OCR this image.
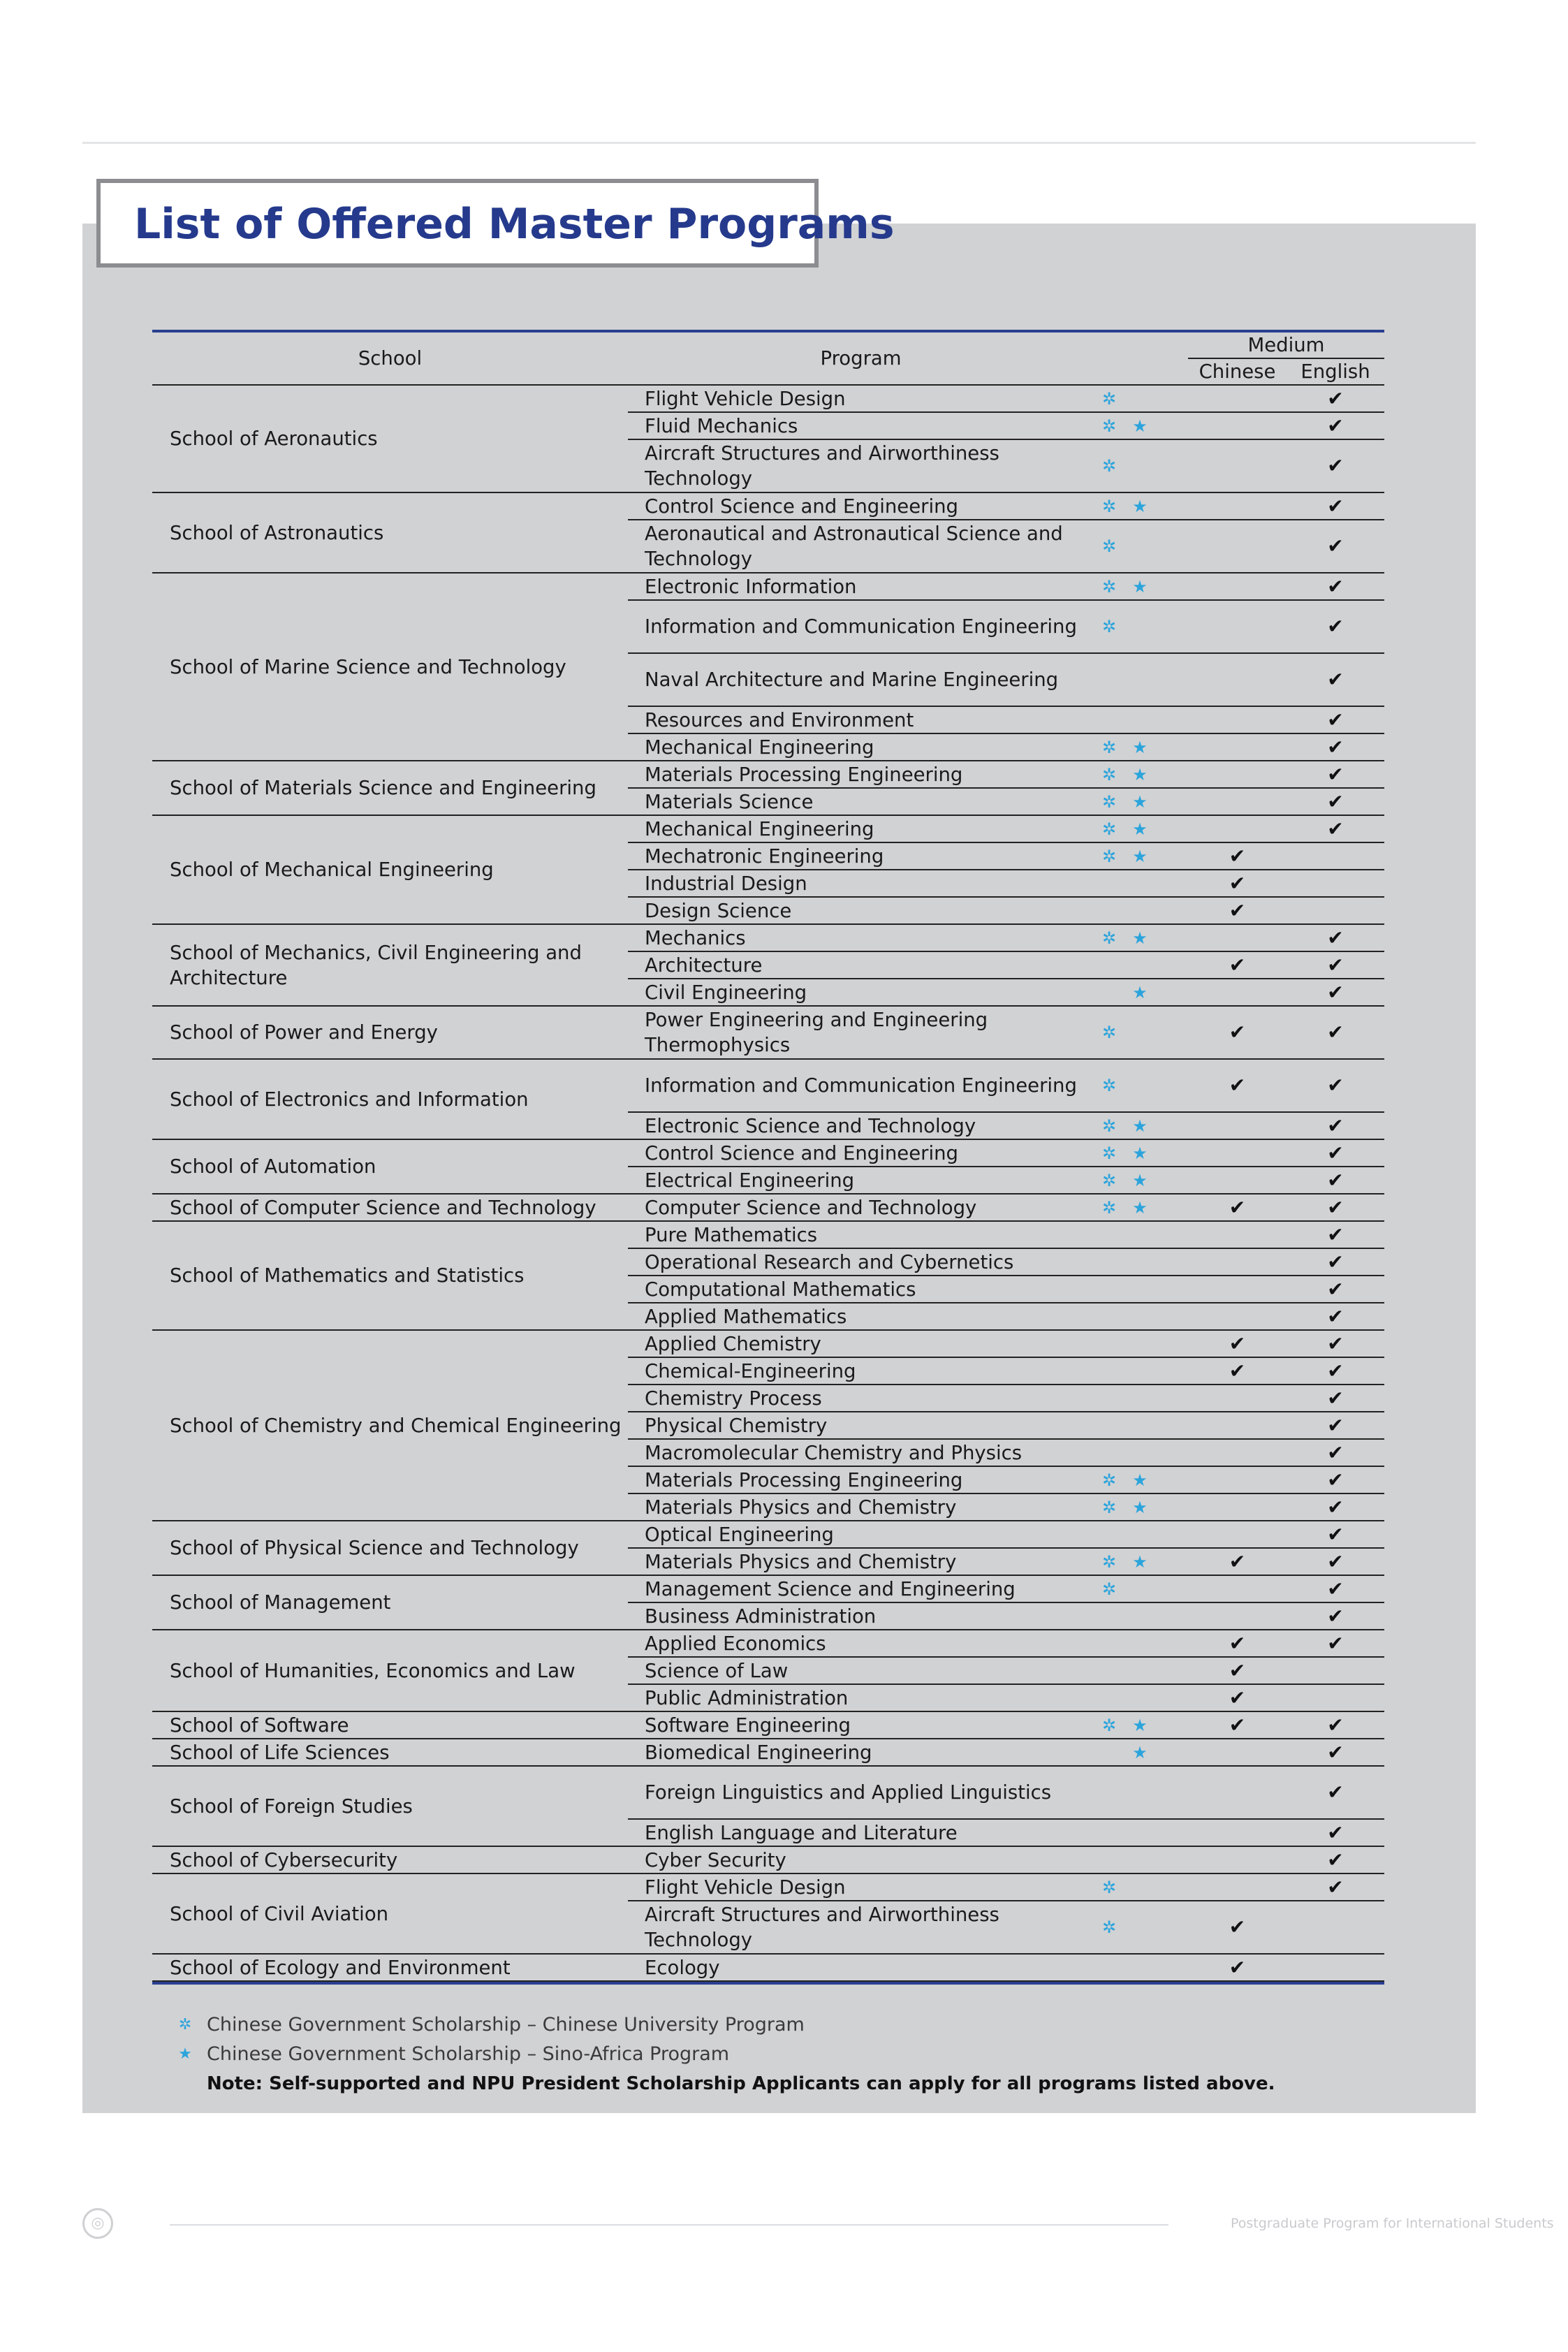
List of Offered Master Programs
School	Program		Medium	
			Chinese	English
School of Aeronautics	Flight Vehicle Design	✲		✔
	Fluid Mechanics	✲ ★		✔
	Aircraft Structures and Airworthiness Technology	✲		✔
School of Astronautics	Control Science and Engineering	✲ ★		✔
	Aeronautical and Astronautical Science and Technology	✲		✔
School of Marine Science and Technology	Electronic Information	✲ ★		✔
	Information and Communication Engineering	✲		✔
	Naval Architecture and Marine Engineering			✔
	Resources and Environment			✔
	Mechanical Engineering	✲ ★		✔
School of Materials Science and Engineering	Materials Processing Engineering	✲ ★		✔
	Materials Science	✲ ★		✔
School of Mechanical Engineering	Mechanical Engineering	✲ ★		✔
	Mechatronic Engineering	✲ ★	✔	
	Industrial Design		✔	
	Design Science		✔	
School of Mechanics, Civil Engineering and Architecture	Mechanics	✲ ★		✔
	Architecture		✔	✔
	Civil Engineering	★		✔
School of Power and Energy	Power Engineering and Engineering Thermophysics	✲	✔	✔
School of Electronics and Information	Information and Communication Engineering	✲	✔	✔
	Electronic Science and Technology	✲ ★		✔
School of Automation	Control Science and Engineering	✲ ★		✔
	Electrical Engineering	✲ ★		✔
School of Computer Science and Technology	Computer Science and Technology	✲ ★	✔	✔
School of Mathematics and Statistics	Pure Mathematics			✔
	Operational Research and Cybernetics			✔
	Computational Mathematics			✔
	Applied Mathematics			✔
School of Chemistry and Chemical Engineering	Applied Chemistry		✔	✔
	Chemical-Engineering		✔	✔
	Chemistry Process			✔
	Physical Chemistry			✔
	Macromolecular Chemistry and Physics			✔
	Materials Processing Engineering	✲ ★		✔
	Materials Physics and Chemistry	✲ ★		✔
School of Physical Science and Technology	Optical Engineering			✔
	Materials Physics and Chemistry	✲ ★	✔	✔
School of Management	Management Science and Engineering	✲		✔
	Business Administration			✔
School of Humanities, Economics and Law	Applied Economics		✔	✔
	Science of Law		✔	
	Public Administration		✔	
School of Software	Software Engineering	✲ ★	✔	✔
School of Life Sciences	Biomedical Engineering	★		✔
School of Foreign Studies	Foreign Linguistics and Applied Linguistics			✔
	English Language and Literature			✔
School of Cybersecurity	Cyber Security			✔
School of Civil Aviation	Flight Vehicle Design	✲		✔
	Aircraft Structures and Airworthiness Technology	✲	✔	
School of Ecology and Environment	Ecology		✔	
✲ Chinese Government Scholarship – Chinese University Program
★ Chinese Government Scholarship – Sino-Africa Program
Note: Self-supported and NPU President Scholarship Applicants can apply for all programs listed above.
◎	Postgraduate Program for International Students
